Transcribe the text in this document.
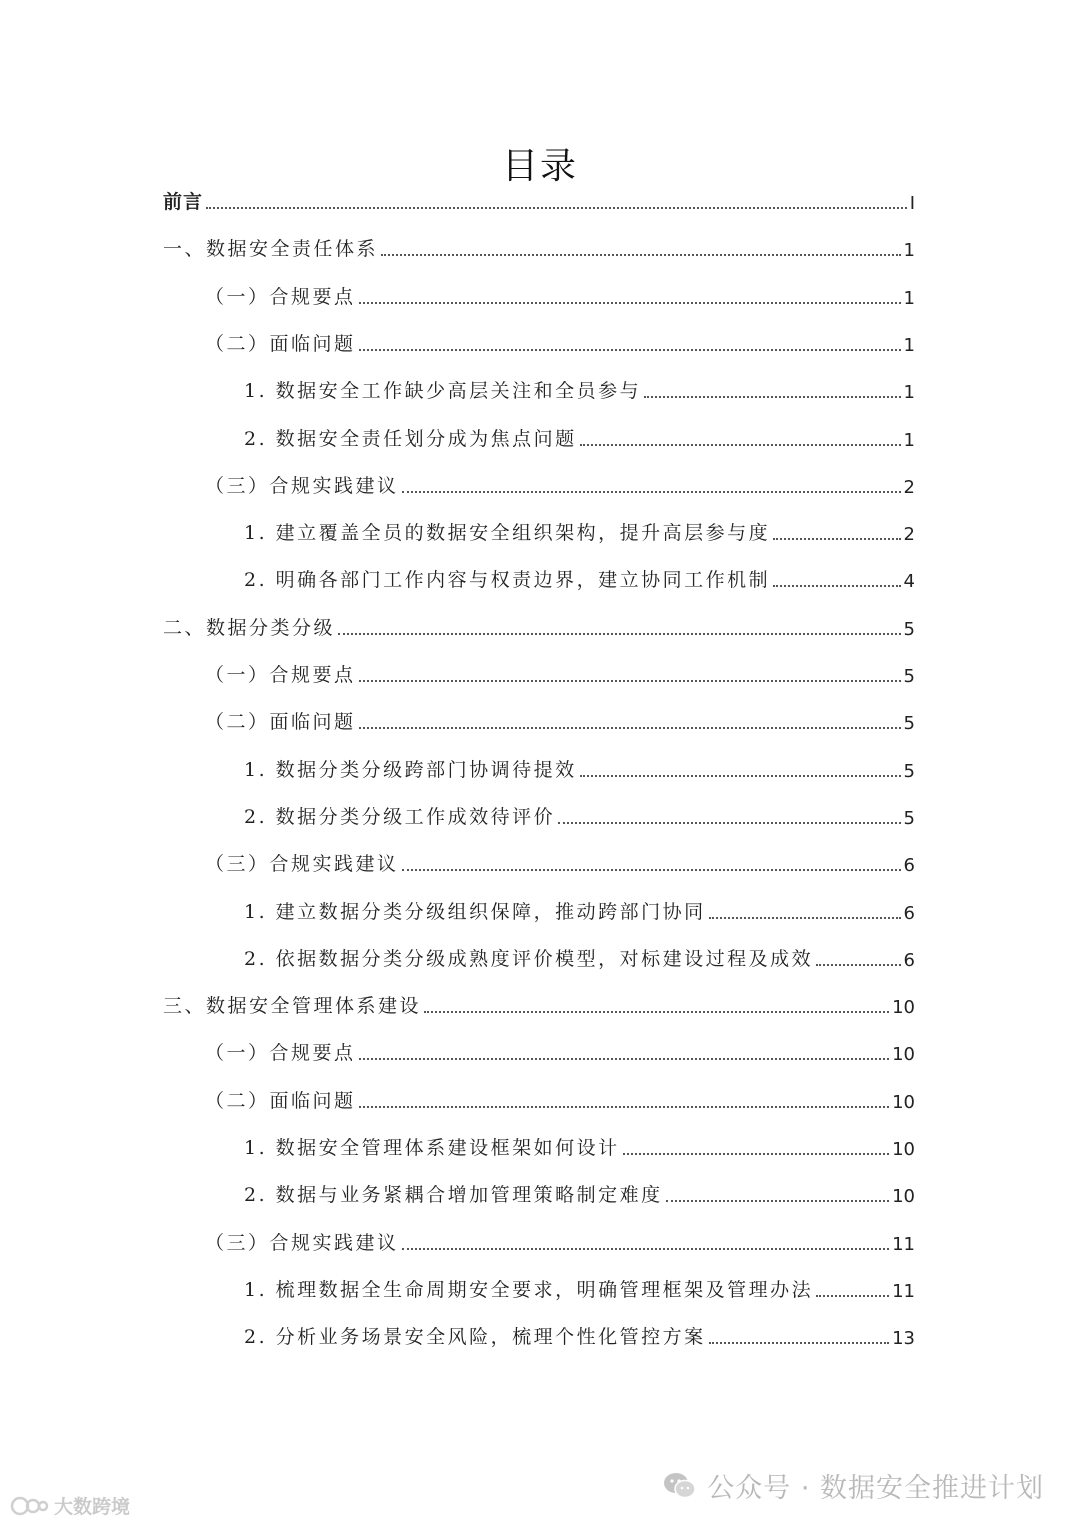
目录
前言	I
一、数据安全责任体系	1
（一）合规要点	1
（二）面临问题	1
1. 数据安全工作缺少高层关注和全员参与	1
2. 数据安全责任划分成为焦点问题	1
（三）合规实践建议	2
1. 建立覆盖全员的数据安全组织架构，提升高层参与度	2
2. 明确各部门工作内容与权责边界，建立协同工作机制	4
二、数据分类分级	5
（一）合规要点	5
（二）面临问题	5
1. 数据分类分级跨部门协调待提效	5
2. 数据分类分级工作成效待评价	5
（三）合规实践建议	6
1. 建立数据分类分级组织保障，推动跨部门协同	6
2. 依据数据分类分级成熟度评价模型，对标建设过程及成效	6
三、数据安全管理体系建设	10
（一）合规要点	10
（二）面临问题	10
1. 数据安全管理体系建设框架如何设计	10
2. 数据与业务紧耦合增加管理策略制定难度	10
（三）合规实践建议	11
1. 梳理数据全生命周期安全要求，明确管理框架及管理办法	11
2. 分析业务场景安全风险，梳理个性化管控方案	13
公众号 · 数据安全推进计划
大数跨境
